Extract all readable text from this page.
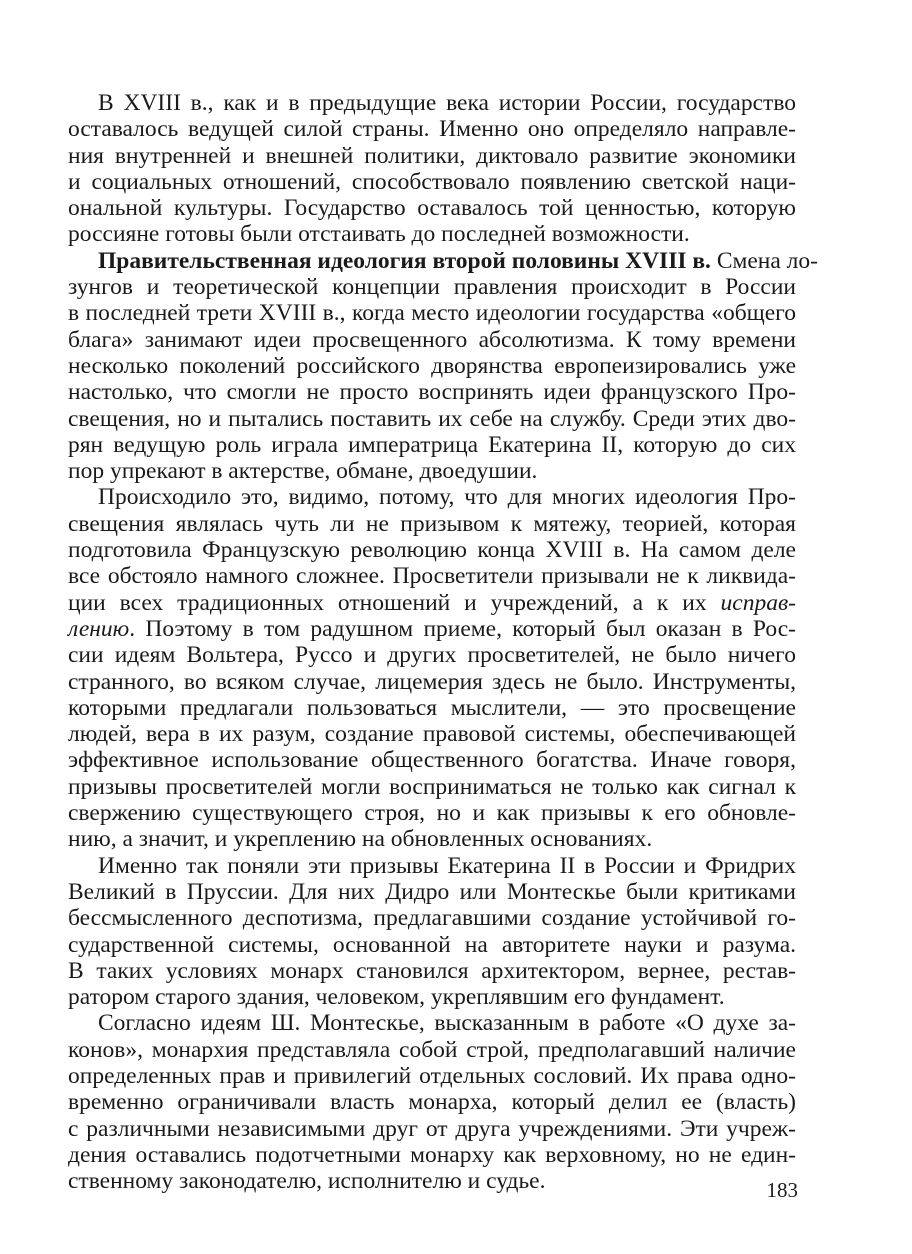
В XVIII в., как и в предыдущие века истории России, государство
оставалось ведущей силой страны. Именно оно определяло направле-
ния внутренней и внешней политики, диктовало развитие экономики
и социальных отношений, способствовало появлению светской наци-
ональной культуры. Государство оставалось той ценностью, которую
россияне готовы были отстаивать до последней возможности.
Правительственная идеология второй половины XVIII в. Смена ло-
зунгов и теоретической концепции правления происходит в России
в последней трети XVIII в., когда место идеологии государства «общего
блага» занимают идеи просвещенного абсолютизма. К тому времени
несколько поколений российского дворянства европеизировались уже
настолько, что смогли не просто воспринять идеи французского Про-
свещения, но и пытались поставить их себе на службу. Среди этих дво-
рян ведущую роль играла императрица Екатерина II, которую до сих
пор упрекают в актерстве, обмане, двоедушии.
Происходило это, видимо, потому, что для многих идеология Про-
свещения являлась чуть ли не призывом к мятежу, теорией, которая
подготовила Французскую революцию конца XVIII в. На самом деле
все обстояло намного сложнее. Просветители призывали не к ликвида-
ции всех традиционных отношений и учреждений, а к их исправ-
лению. Поэтому в том радушном приеме, который был оказан в Рос-
сии идеям Вольтера, Руссо и других просветителей, не было ничего
странного, во всяком случае, лицемерия здесь не было. Инструменты,
которыми предлагали пользоваться мыслители, — это просвещение
людей, вера в их разум, создание правовой системы, обеспечивающей
эффективное использование общественного богатства. Иначе говоря,
призывы просветителей могли восприниматься не только как сигнал к
свержению существующего строя, но и как призывы к его обновле-
нию, а значит, и укреплению на обновленных основаниях.
Именно так поняли эти призывы Екатерина II в России и Фридрих
Великий в Пруссии. Для них Дидро или Монтескье были критиками
бессмысленного деспотизма, предлагавшими создание устойчивой го-
сударственной системы, основанной на авторитете науки и разума.
В таких условиях монарх становился архитектором, вернее, рестав-
ратором старого здания, человеком, укреплявшим его фундамент.
Согласно идеям Ш. Монтескье, высказанным в работе «О духе за-
конов», монархия представляла собой строй, предполагавший наличие
определенных прав и привилегий отдельных сословий. Их права одно-
временно ограничивали власть монарха, который делил ее (власть)
с различными независимыми друг от друга учреждениями. Эти учреж-
дения оставались подотчетными монарху как верховному, но не един-
ственному законодателю, исполнителю и судье.	183
